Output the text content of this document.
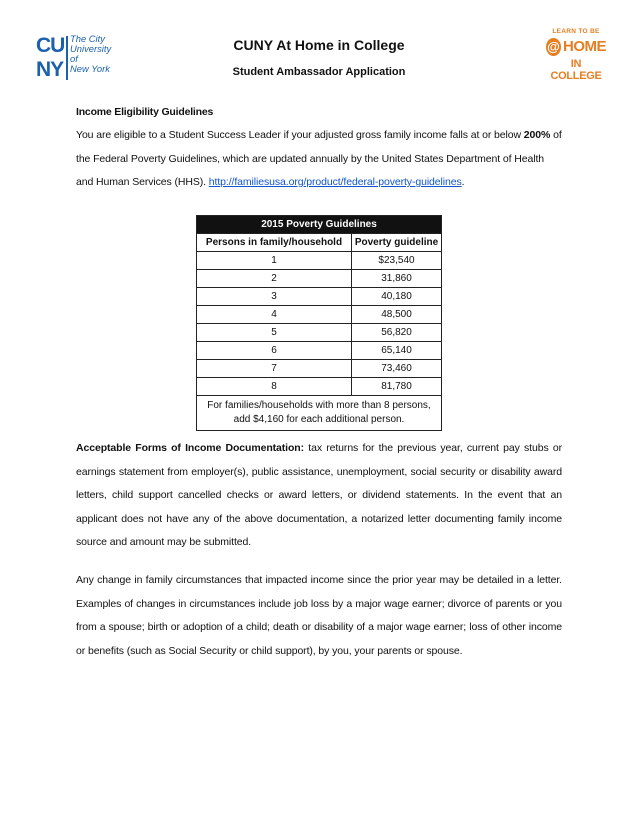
CU
NY
The City
University
of
New York
CUNY At Home in College
Student Ambassador Application
LEARN TO BE
@ HOME
IN COLLEGE
Income Eligibility Guidelines
You are eligible to a Student Success Leader if your adjusted gross family income falls at or below 200% of the Federal Poverty Guidelines, which are updated annually by the United States Department of Health and Human Services (HHS). http://familiesusa.org/product/federal-poverty-guidelines.
2015 Poverty Guidelines	
Persons in family/household	Poverty guideline
1	$23,540
2	31,860
3	40,180
4	48,500
5	56,820
6	65,140
7	73,460
8	81,780
For families/households with more than 8 persons,
add $4,160 for each additional person.	
Acceptable Forms of Income Documentation: tax returns for the previous year, current pay stubs or earnings statement from employer(s), public assistance, unemployment, social security or disability award letters, child support cancelled checks or award letters, or dividend statements. In the event that an applicant does not have any of the above documentation, a notarized letter documenting family income source and amount may be submitted.
Any change in family circumstances that impacted income since the prior year may be detailed in a letter. Examples of changes in circumstances include job loss by a major wage earner; divorce of parents or you from a spouse; birth or adoption of a child; death or disability of a major wage earner; loss of other income or benefits (such as Social Security or child support), by you, your parents or spouse.
